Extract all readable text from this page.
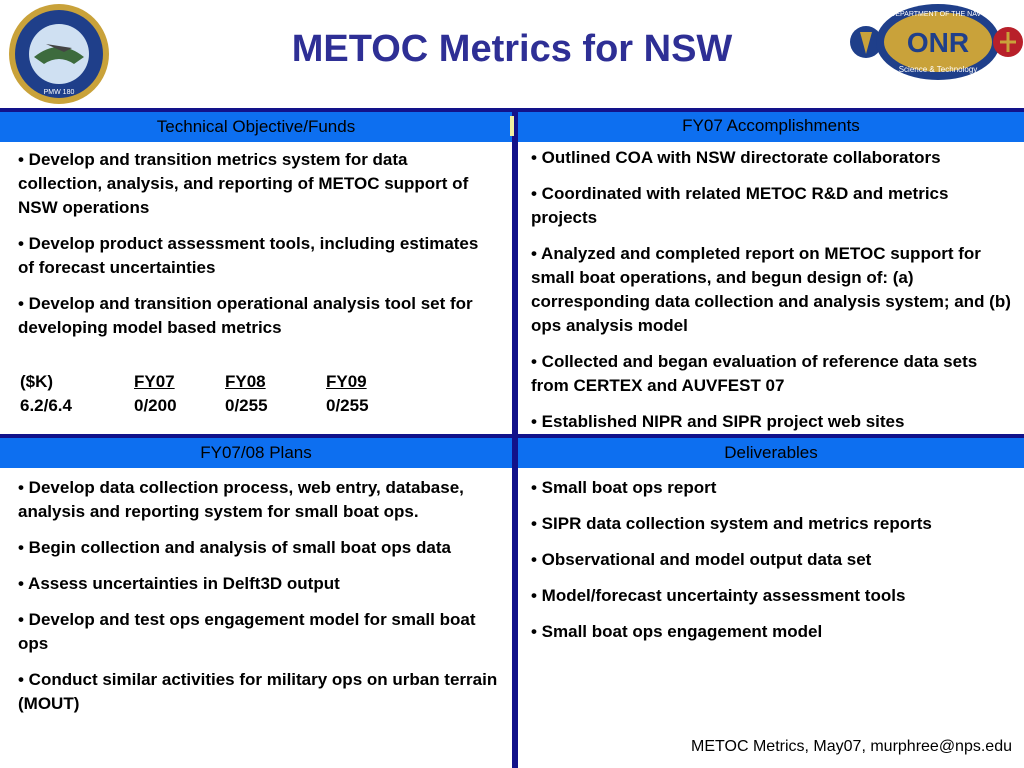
PMW 180
DEPARTMENT OF THE NAVY
ONR
Science & Technology
METOC Metrics for NSW
Technical Objective/Funds	FY07 Accomplishments
FY07/08 Plans	Deliverables

• Develop and transition metrics system for data collection, analysis, and reporting of METOC support of NSW operations

• Develop product assessment tools, including estimates of forecast uncertainties

• Develop and transition operational analysis tool set for developing model based metrics

($K)	FY07	FY08	FY09
6.2/6.4	0/200	0/255	0/255

• Outlined COA with NSW directorate collaborators

• Coordinated with related METOC R&D and metrics projects

• Analyzed and completed report on METOC support for small boat operations, and begun design of: (a) corresponding data collection and analysis system; and (b) ops analysis model

• Collected and began evaluation of reference data sets from CERTEX and AUVFEST 07

• Established NIPR and SIPR project web sites

• Develop data collection process, web entry, database, analysis and reporting system for small boat ops.

• Begin collection and analysis of small boat ops data

• Assess uncertainties in Delft3D output

• Develop and test ops engagement model for small boat ops

• Conduct similar activities for military ops on urban terrain (MOUT)

• Small boat ops report

• SIPR data collection system and metrics reports

• Observational and model output data set

• Model/forecast uncertainty assessment tools

• Small boat ops engagement model

METOC Metrics, May07, murphree@nps.edu
